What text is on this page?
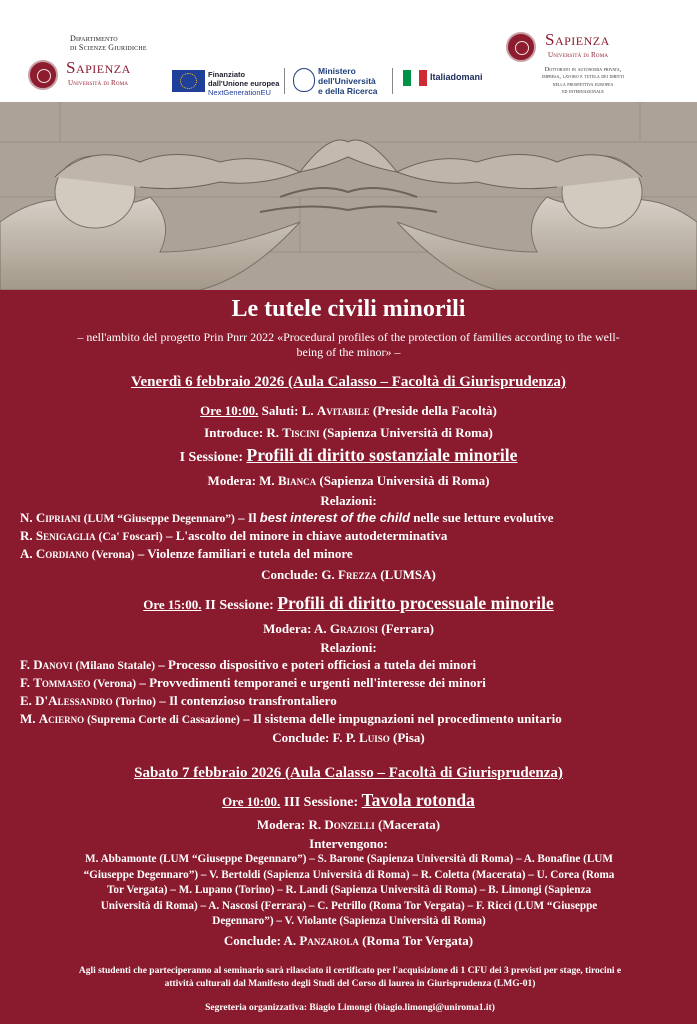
Dipartimento
di Scienze Giuridiche
Sapienza
Università di Roma
Finanziato
dall'Unione europea
NextGenerationEU
Ministero
dell'Università
e della Ricerca
Italiadomani
Sapienza
Università di Roma
Dottorato in autonomia privata,
impresa, lavoro e tutela dei diritti
nella prospettiva europea
ed internazionale
Le tutele civili minorili
– nell'ambito del progetto Prin Pnrr 2022 «Procedural profiles of the protection of families according to the well-
being of the minor» –
Venerdì 6 febbraio 2026 (Aula Calasso – Facoltà di Giurisprudenza)
Ore 10:00. Saluti: L. Avitabile (Preside della Facoltà)
Introduce: R. Tiscini (Sapienza Università di Roma)
I Sessione: Profili di diritto sostanziale minorile
Modera: M. Bianca (Sapienza Università di Roma)
Relazioni:
N. Cipriani (LUM “Giuseppe Degennaro”) – Il best interest of the child nelle sue letture evolutive
R. Senigaglia (Ca' Foscari) – L'ascolto del minore in chiave autodeterminativa
A. Cordiano (Verona) – Violenze familiari e tutela del minore
Conclude: G. Frezza (LUMSA)
Ore 15:00. II Sessione: Profili di diritto processuale minorile
Modera: A. Graziosi (Ferrara)
Relazioni:
F. Danovi (Milano Statale) – Processo dispositivo e poteri officiosi a tutela dei minori
F. Tommaseo (Verona) – Provvedimenti temporanei e urgenti nell'interesse dei minori
E. D'Alessandro (Torino) – Il contenzioso transfrontaliero
M. Acierno (Suprema Corte di Cassazione) – Il sistema delle impugnazioni nel procedimento unitario
Conclude: F. P. Luiso (Pisa)
Sabato 7 febbraio 2026 (Aula Calasso – Facoltà di Giurisprudenza)
Ore 10:00. III Sessione: Tavola rotonda
Modera: R. Donzelli (Macerata)
Intervengono:
M. Abbamonte (LUM “Giuseppe Degennaro”) – S. Barone (Sapienza Università di Roma) – A. Bonafine (LUM
“Giuseppe Degennaro”) – V. Bertoldi (Sapienza Università di Roma) – R. Coletta (Macerata) – U. Corea (Roma
Tor Vergata) – M. Lupano (Torino) – R. Landi (Sapienza Università di Roma) – B. Limongi (Sapienza
Università di Roma) – A. Nascosi (Ferrara) – C. Petrillo (Roma Tor Vergata) – F. Ricci (LUM “Giuseppe
Degennaro”) – V. Violante (Sapienza Università di Roma)
Conclude: A. Panzarola (Roma Tor Vergata)
Agli studenti che parteciperanno al seminario sarà rilasciato il certificato per l'acquisizione di 1 CFU dei 3 previsti per stage, tirocini e
attività culturali dal Manifesto degli Studi del Corso di laurea in Giurisprudenza (LMG-01)
Segreteria organizzativa: Biagio Limongi (biagio.limongi@uniroma1.it)
